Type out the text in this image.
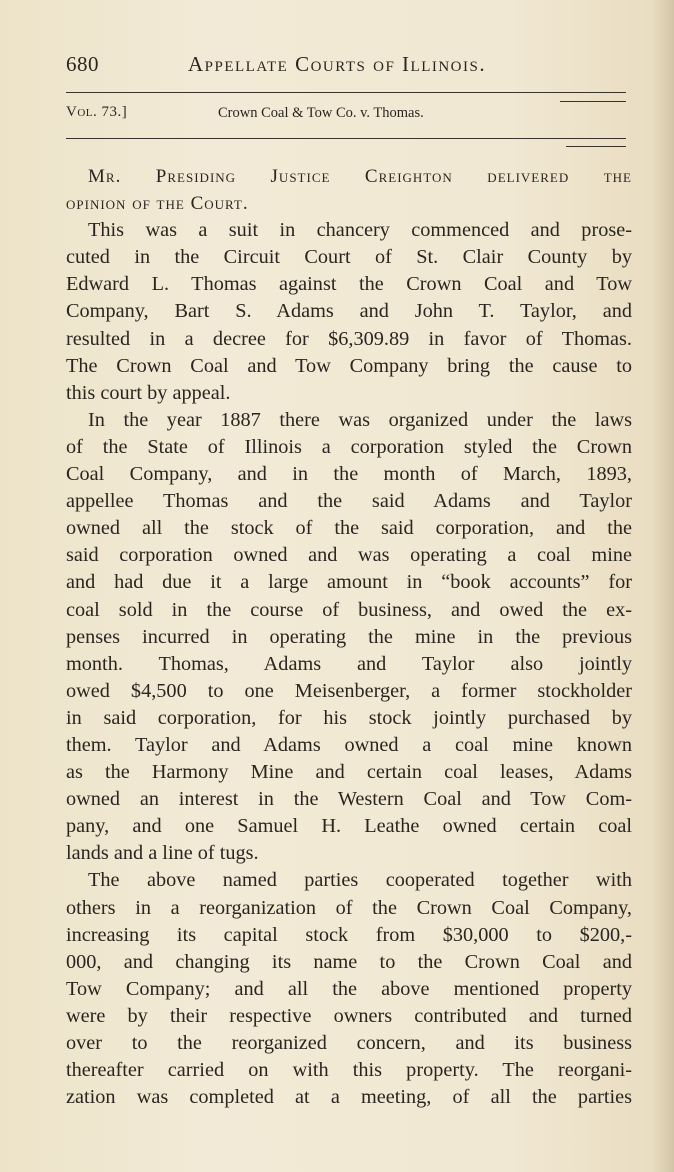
680	Appellate Courts of Illinois.
Vol. 73.]	Crown Coal & Tow Co. v. Thomas.
Mr. Presiding Justice Creighton delivered the
opinion of the Court.
This was a suit in chancery commenced and prose-
cuted in the Circuit Court of St. Clair County by
Edward L. Thomas against the Crown Coal and Tow
Company, Bart S. Adams and John T. Taylor, and
resulted in a decree for $6,309.89 in favor of Thomas.
The Crown Coal and Tow Company bring the cause to
this court by appeal.
In the year 1887 there was organized under the laws
of the State of Illinois a corporation styled the Crown
Coal Company, and in the month of March, 1893,
appellee Thomas and the said Adams and Taylor
owned all the stock of the said corporation, and the
said corporation owned and was operating a coal mine
and had due it a large amount in “book accounts” for
coal sold in the course of business, and owed the ex-
penses incurred in operating the mine in the previous
month. Thomas, Adams and Taylor also jointly
owed $4,500 to one Meisenberger, a former stockholder
in said corporation, for his stock jointly purchased by
them. Taylor and Adams owned a coal mine known
as the Harmony Mine and certain coal leases, Adams
owned an interest in the Western Coal and Tow Com-
pany, and one Samuel H. Leathe owned certain coal
lands and a line of tugs.
The above named parties cooperated together with
others in a reorganization of the Crown Coal Company,
increasing its capital stock from $30,000 to $200,-
000, and changing its name to the Crown Coal and
Tow Company; and all the above mentioned property
were by their respective owners contributed and turned
over to the reorganized concern, and its business
thereafter carried on with this property. The reorgani-
zation was completed at a meeting, of all the parties
